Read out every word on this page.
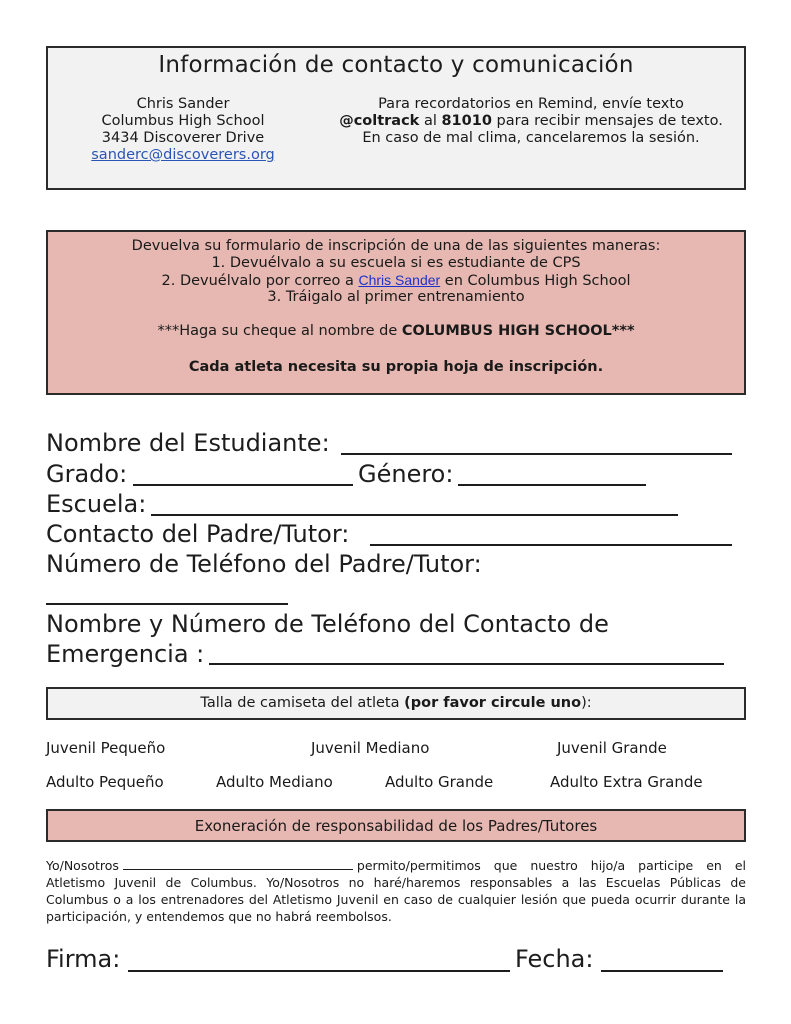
Información de contacto y comunicación
Chris Sander
Columbus High School
3434 Discoverer Drive
sanderc@discoverers.org
Para recordatorios en Remind, envíe texto
@coltrack al 81010 para recibir mensajes de texto.
En caso de mal clima, cancelaremos la sesión.
Devuelva su formulario de inscripción de una de las siguientes maneras:
1. Devuélvalo a su escuela si es estudiante de CPS
2. Devuélvalo por correo a Chris Sander en Columbus High School
3. Tráigalo al primer entrenamiento
***Haga su cheque al nombre de COLUMBUS HIGH SCHOOL***
Cada atleta necesita su propia hoja de inscripción.
Nombre del Estudiante:
Grado:	Género:
Escuela:
Contacto del Padre/Tutor:
Número de Teléfono del Padre/Tutor:
Nombre y Número de Teléfono del Contacto de
Emergencia :
Talla de camiseta del atleta (por favor circule uno):
Juvenil Pequeño	Juvenil Mediano	Juvenil Grande
Adulto Pequeño	Adulto Mediano	Adulto Grande	Adulto Extra Grande
Exoneración de responsabilidad de los Padres/Tutores
Yo/Nosotros	permito/permitimos que nuestro hijo/a participe en el Atletismo Juvenil de Columbus. Yo/Nosotros no haré/haremos responsables a las Escuelas Públicas de Columbus o a los entrenadores del Atletismo Juvenil en caso de cualquier lesión que pueda ocurrir durante la participación, y entendemos que no habrá reembolsos.
Firma:	Fecha:
